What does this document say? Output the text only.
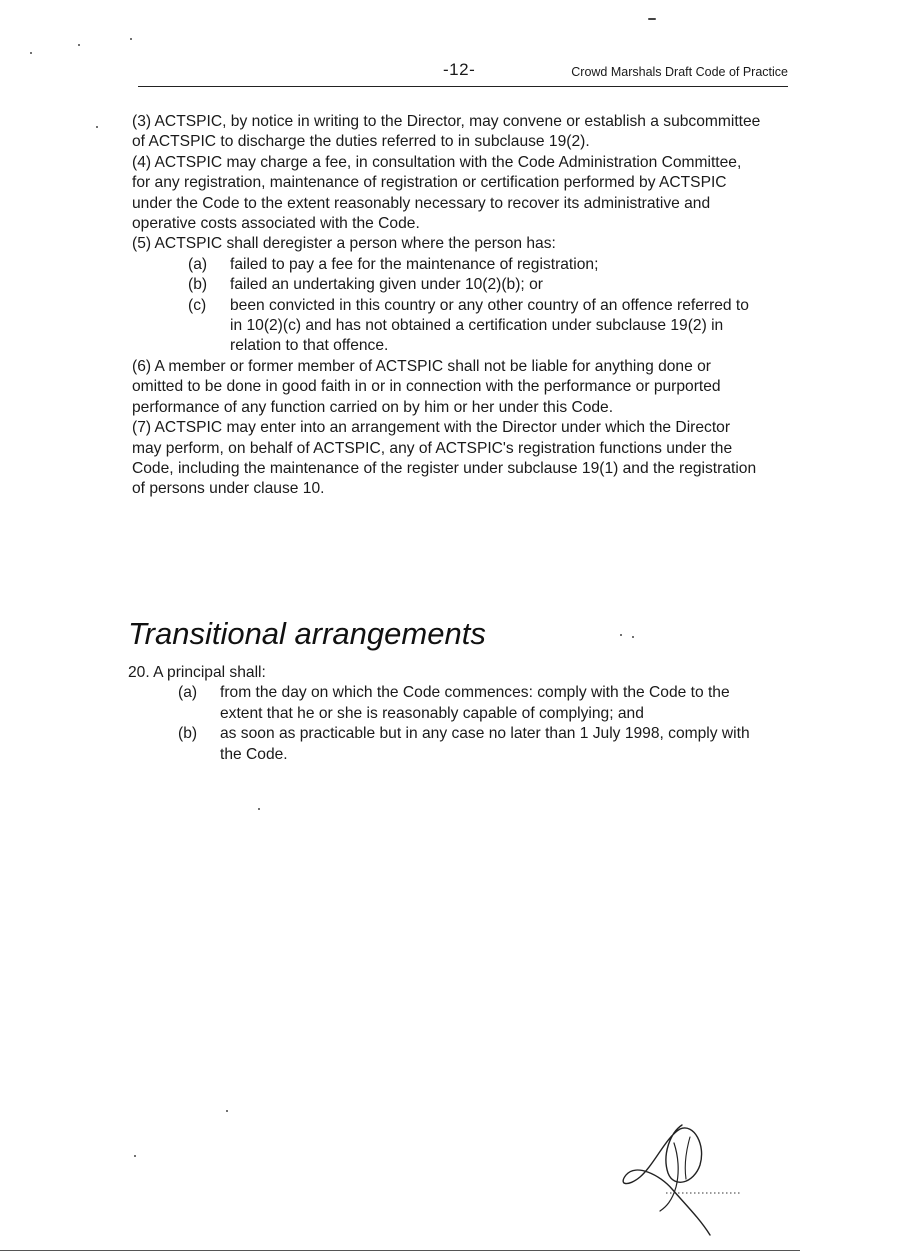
-12-	Crowd Marshals Draft Code of Practice

(3) ACTSPIC, by notice in writing to the Director, may convene or establish a subcommittee of ACTSPIC to discharge the duties referred to in subclause 19(2).

(4) ACTSPIC may charge a fee, in consultation with the Code Administration Committee, for any registration, maintenance of registration or certification performed by ACTSPIC under the Code to the extent reasonably necessary to recover its administrative and operative costs associated with the Code.

(5) ACTSPIC shall deregister a person where the person has:

(a)	failed to pay a fee for the maintenance of registration;
(b)	failed an undertaking given under 10(2)(b); or
(c)	been convicted in this country or any other country of an offence referred to in 10(2)(c) and has not obtained a certification under subclause 19(2) in relation to that offence.

(6) A member or former member of ACTSPIC shall not be liable for anything done or omitted to be done in good faith in or in connection with the performance or purported performance of any function carried on by him or her under this Code.

(7) ACTSPIC may enter into an arrangement with the Director under which the Director may perform, on behalf of ACTSPIC, any of ACTSPIC's registration functions under the Code, including the maintenance of the register under subclause 19(1) and the registration of persons under clause 10.

Transitional arrangements

20. A principal shall:

(a)	from the day on which the Code commences: comply with the Code to the extent that he or she is reasonably capable of complying; and
(b)	as soon as practicable but in any case no later than 1 July 1998, comply with the Code.
